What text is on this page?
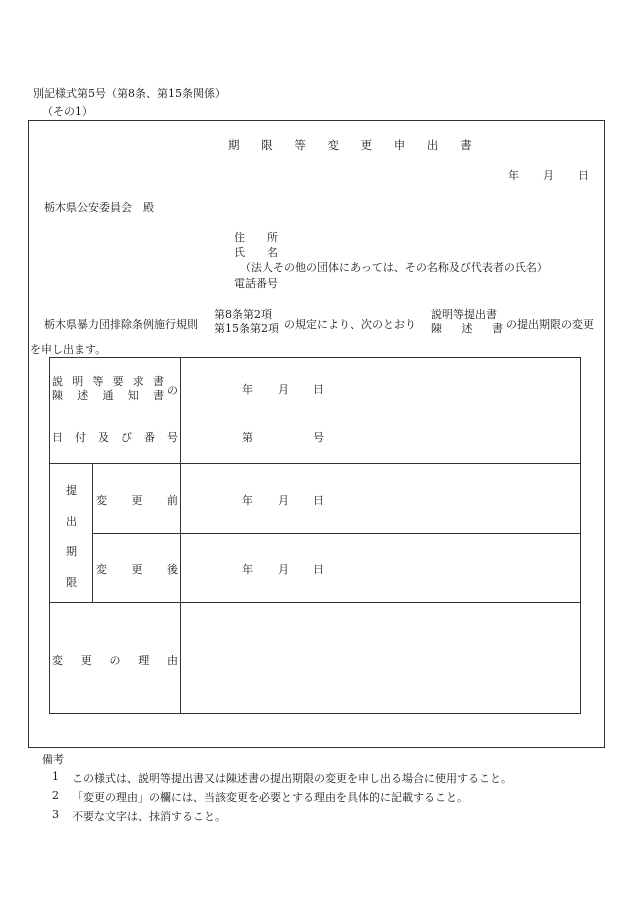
別記様式第5号（第8条、第15条関係）
（その1）
期 限 等 変 更 申 出 書
年 月 日
栃木県公安委員会　殿
住　　所
氏　　名
（法人その他の団体にあっては、その名称及び代表者の氏名）
電話番号
栃木県暴力団排除条例施行規則
第8条第2項
第15条第2項 の規定により、次のとおり
説明等提出書
陳　述　書 の提出期限の変更
を申し出ます。
説 明 等 要 求 書
陳 述 通 知 書 の
日 付 及 び 番 号
年 月 日
第	号
提
出
期
限
変 更 前
変 更 後
年 月 日
年 月 日
変 更 の 理 由
備考
1 この様式は、説明等提出書又は陳述書の提出期限の変更を申し出る場合に使用すること。
2 「変更の理由」の欄には、当該変更を必要とする理由を具体的に記載すること。
3 不要な文字は、抹消すること。
